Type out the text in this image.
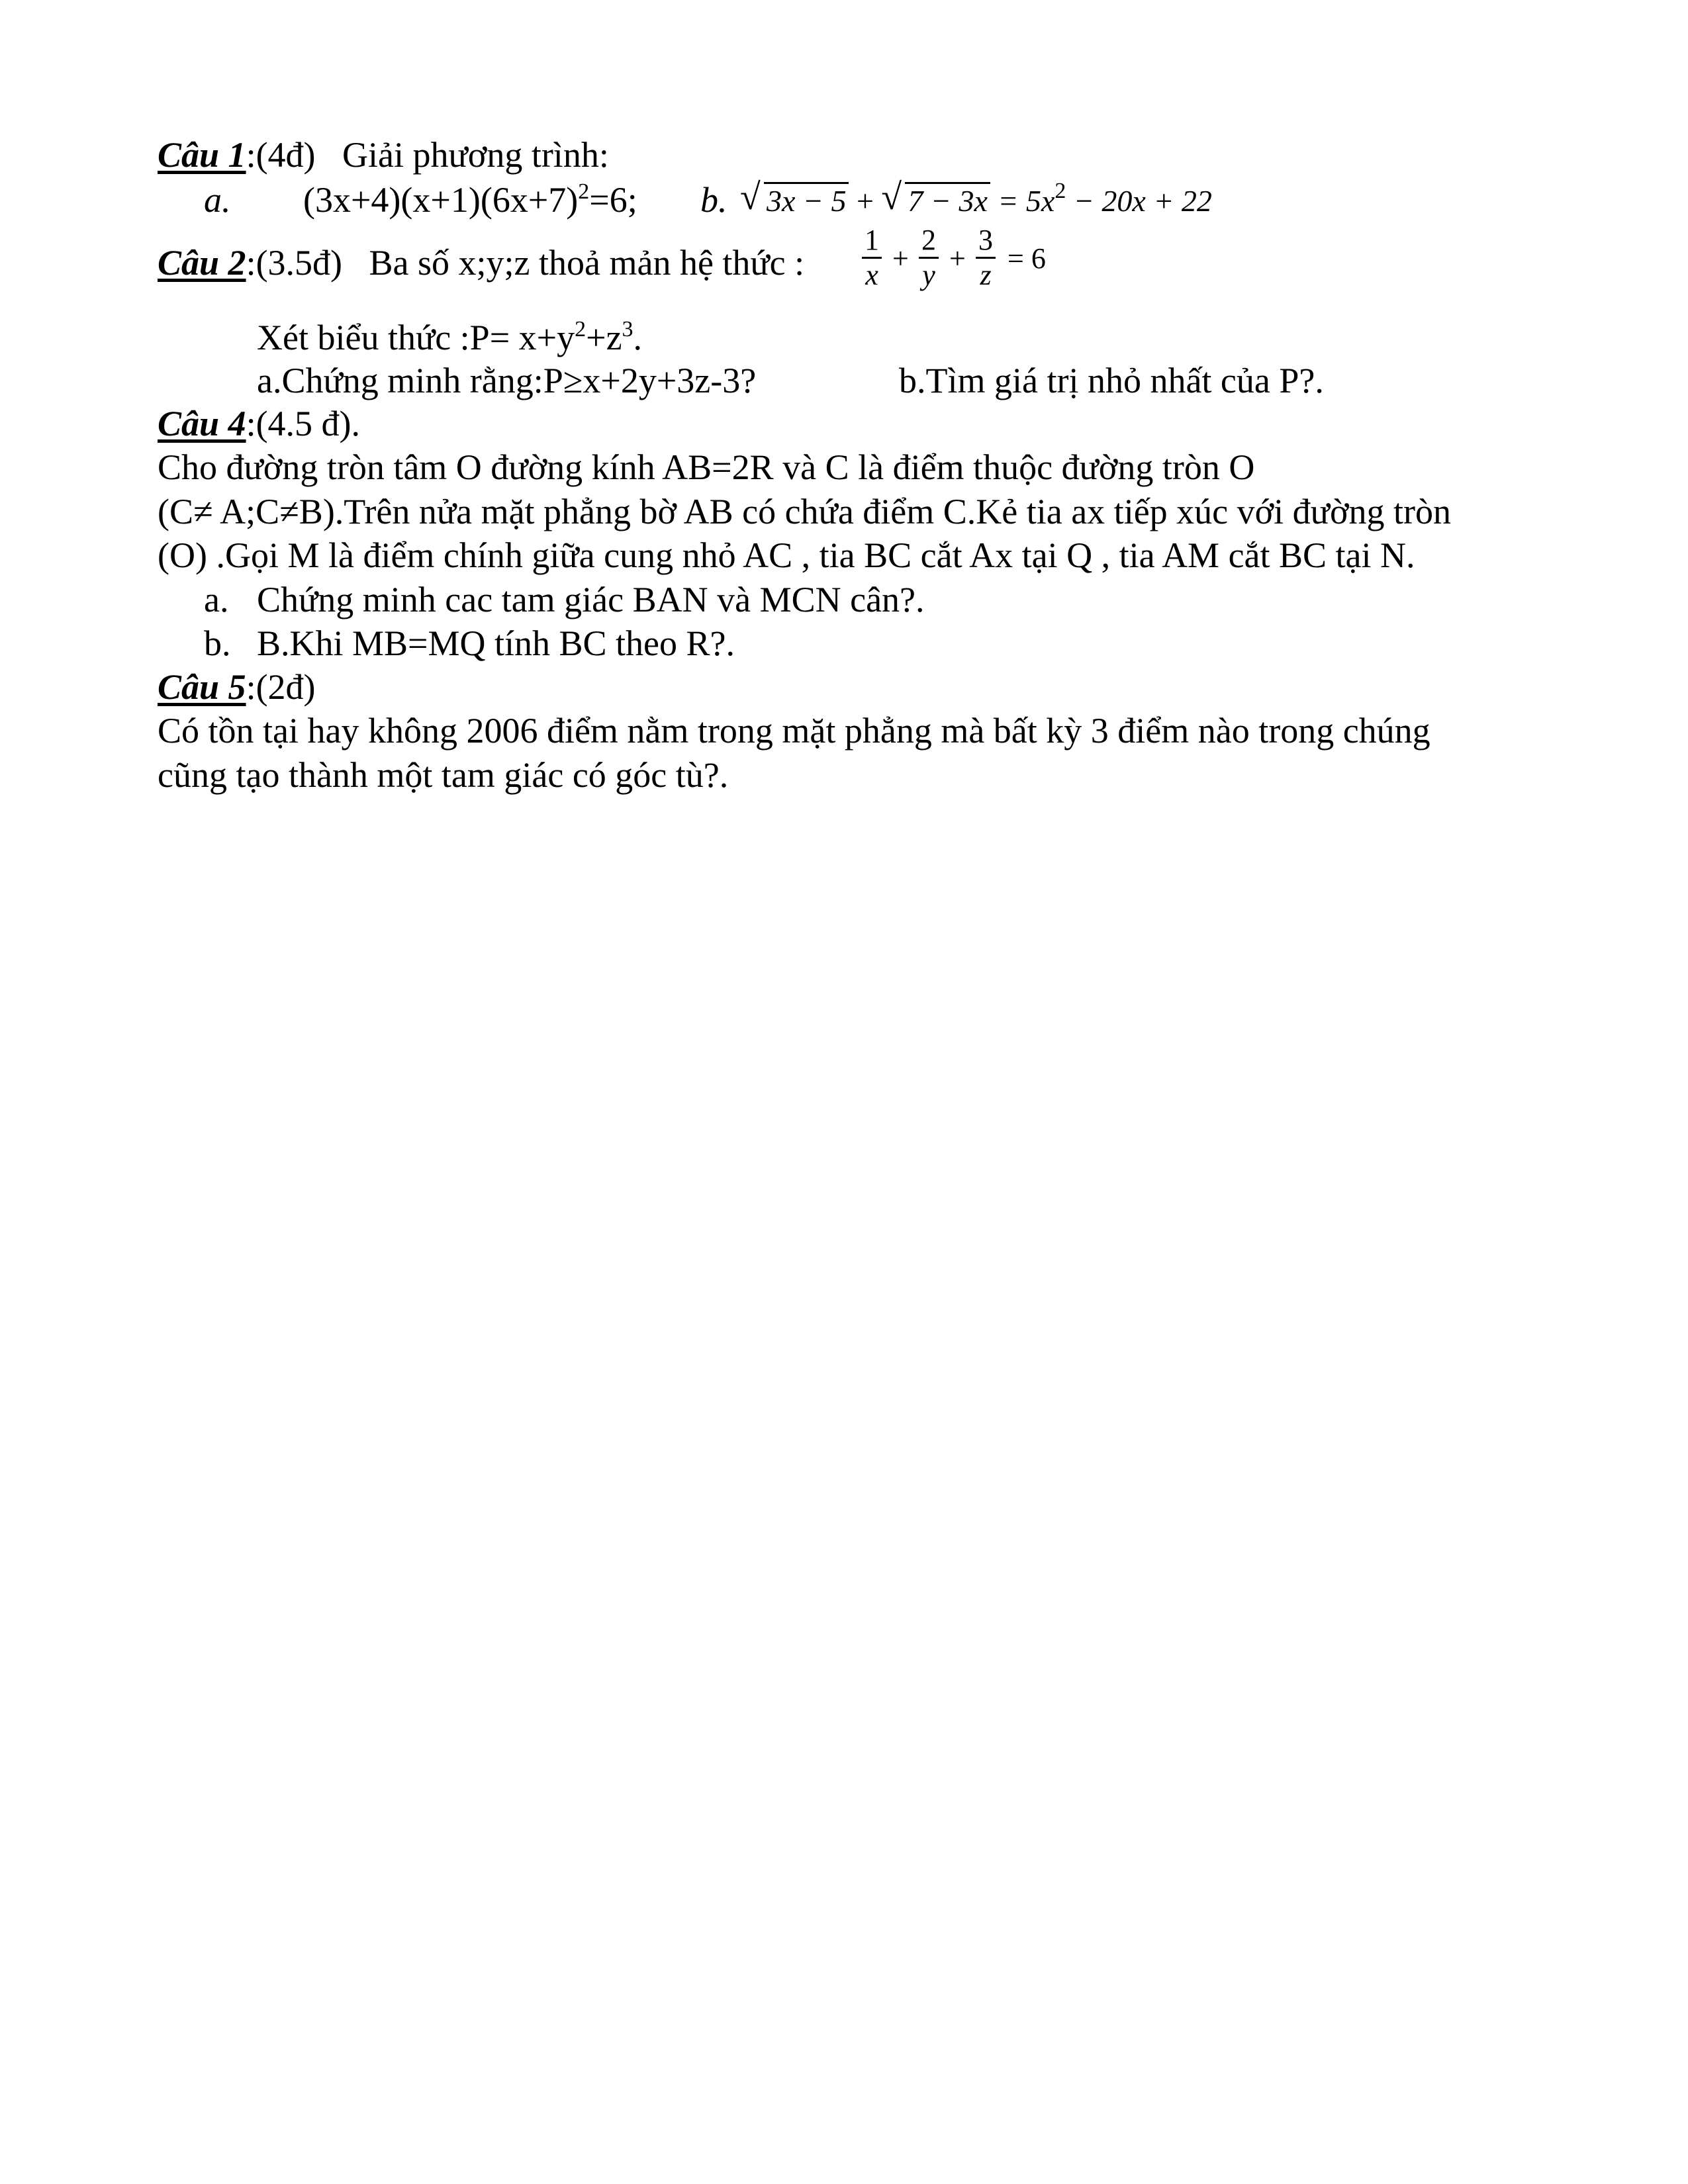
Câu 1:(4đ) Giải phương trình:
a. $(3x+4)(x+1)(6x+7)^2=6$; b. √ 3x − 5 + √ $7 - 3x = 5x^2 - 20x + 22$
Câu 2:(3.5đ) Ba số x;y;z thoả mản hệ thức : $\frac{1}{x} + \frac{2}{y} + \frac{3}{z} = 6$
Xét biểu thức :P= $x+y^2+z^3$.
a.Chứng minh rằng:P≥x+2y+3z-3?	b.Tìm giá trị nhỏ nhất của P?.
Câu 4:(4.5 đ).
Cho đường tròn tâm O đường kính AB=2R và C là điểm thuộc đường tròn O
(C≠ A;C≠B).Trên nửa mặt phẳng bờ AB có chứa điểm C.Kẻ tia ax tiếp xúc với đường tròn
(O) .Gọi M là điểm chính giữa cung nhỏ AC , tia BC cắt Ax tại Q , tia AM cắt BC tại N.
a. Chứng minh cac tam giác BAN và MCN cân?.
b. B.Khi MB=MQ tính BC theo R?.
Câu 5:(2đ)
Có tồn tại hay không 2006 điểm nằm trong mặt phẳng mà bất kỳ 3 điểm nào trong chúng
cũng tạo thành một tam giác có góc tù?.
